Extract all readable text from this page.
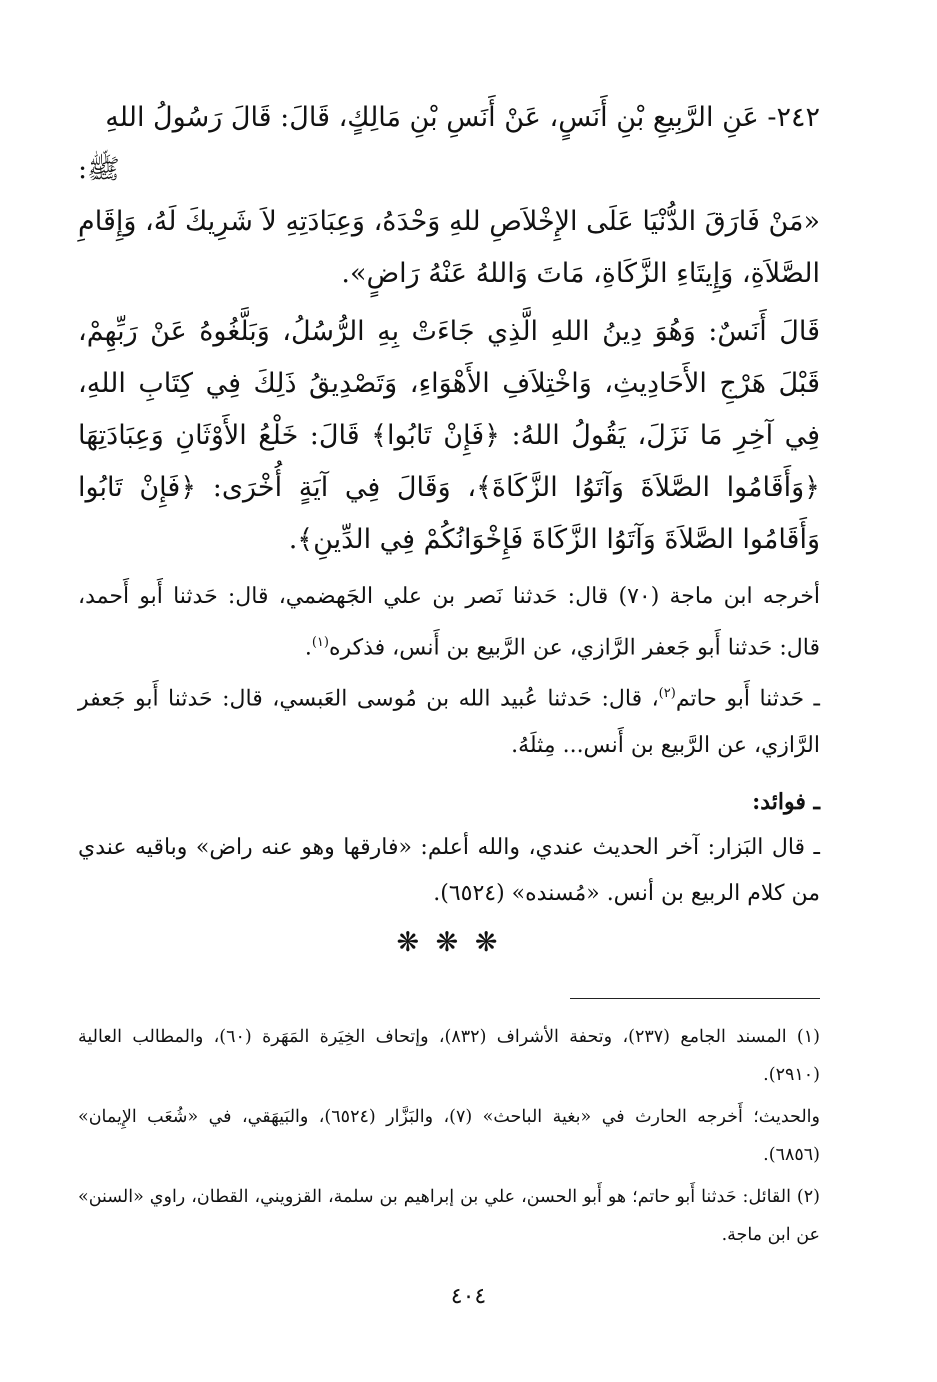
٢٤٢- عَنِ الرَّبِيعِ بْنِ أَنَسٍ، عَنْ أَنَسِ بْنِ مَالِكٍ، قَالَ: قَالَ رَسُولُ اللهِ

ﷺ:

«مَنْ فَارَقَ الدُّنْيَا عَلَى الإِخْلاَصِ للهِ وَحْدَهُ، وَعِبَادَتِهِ لاَ شَرِيكَ لَهُ، وَإِقَامِ الصَّلاَةِ، وَإِيتَاءِ الزَّكَاةِ، مَاتَ وَاللهُ عَنْهُ رَاضٍ».

قَالَ أَنَسٌ: وَهُوَ دِينُ اللهِ الَّذِي جَاءَتْ بِهِ الرُّسُلُ، وَبَلَّغُوهُ عَنْ رَبِّهِمْ، قَبْلَ هَرْجِ الأَحَادِيثِ، وَاخْتِلاَفِ الأَهْوَاءِ، وَتَصْدِيقُ ذَلِكَ فِي كِتَابِ اللهِ، فِي آخِرِ مَا نَزَلَ، يَقُولُ اللهُ: ﴿فَإِنْ تَابُوا﴾ قَالَ: خَلْعُ الأَوْثَانِ وَعِبَادَتِهَا ﴿وَأَقَامُوا الصَّلاَةَ وَآتَوُا الزَّكَاةَ﴾، وَقَالَ فِي آيَةٍ أُخْرَى: ﴿فَإِنْ تَابُوا وَأَقَامُوا الصَّلاَةَ وَآتَوُا الزَّكَاةَ فَإِخْوَانُكُمْ فِي الدِّينِ﴾.

أخرجه ابن ماجة (٧٠) قال: حَدثنا نَصر بن علي الجَهضمي، قال: حَدثنا أَبو أَحمد، قال: حَدثنا أَبو جَعفر الرَّازي، عن الرَّبيع بن أَنس، فذكره$^{(١)}$.

ـ حَدثنا أَبو حاتم$^{(٢)}$، قال: حَدثنا عُبيد الله بن مُوسى العَبسي، قال: حَدثنا أَبو جَعفر الرَّازي، عن الرَّبيع بن أَنس... مِثلَهُ.

ـ فوائد:

ـ قال البَزار: آخر الحديث عندي، والله أعلم: «فارقها وهو عنه راض» وباقيه عندي من كلام الربيع بن أنس. «مُسنده» (٦٥٢٤).

❋ ❋ ❋

(١) المسند الجامع (٢٣٧)، وتحفة الأشراف (٨٣٢)، وإتحاف الخِيَرة المَهَرة (٦٠)، والمطالب العالية (٢٩١٠).

والحديث؛ أَخرجه الحارث في «بغية الباحث» (٧)، والبَزَّار (٦٥٢٤)، والبَيهَقي، في «شُعَب الإِيمان» (٦٨٥٦).

(٢) القائل: حَدثنا أَبو حاتم؛ هو أَبو الحسن، علي بن إبراهيم بن سلمة، القزويني، القطان، راوي «السنن» عن ابن ماجة.

٤٠٤
